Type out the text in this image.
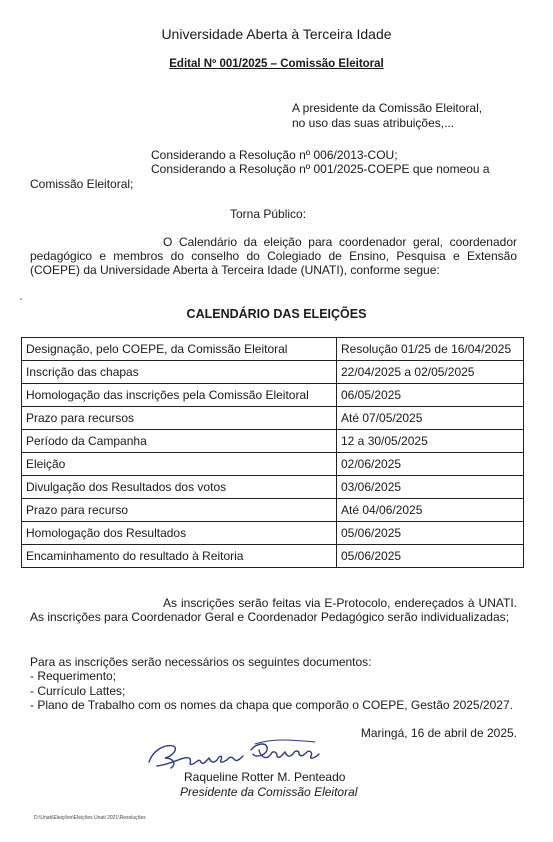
Universidade Aberta à Terceira Idade
Edital Nº 001/2025 – Comissão Eleitoral
A presidente da Comissão Eleitoral,
no uso das suas atribuições,...
Considerando a Resolução nº 006/2013-COU;
Considerando a Resolução nº 001/2025-COEPE que nomeou a
Comissão Eleitoral;
Torna Público:
O Calendário da eleição para coordenador geral, coordenador pedagógico e membros do conselho do Colegiado de Ensino, Pesquisa e Extensão (COEPE) da Universidade Aberta à Terceira Idade (UNATI), conforme segue:
CALENDÁRIO DAS ELEIÇÕES
Designação, pelo COEPE, da Comissão Eleitoral	Resolução 01/25 de 16/04/2025
Inscrição das chapas	22/04/2025 a 02/05/2025
Homologação das inscrições pela Comissão Eleitoral	06/05/2025
Prazo para recursos	Até 07/05/2025
Período da Campanha	12 a 30/05/2025
Eleição	02/06/2025
Divulgação dos Resultados dos votos	03/06/2025
Prazo para recurso	Até 04/06/2025
Homologação dos Resultados	05/06/2025
Encaminhamento do resultado à Reitoria	05/06/2025
As inscrições serão feitas via E-Protocolo, endereçados à UNATI. As inscrições para Coordenador Geral e Coordenador Pedagógico serão individualizadas;
Para as inscrições serão necessários os seguintes documentos:
- Requerimento;
- Currículo Lattes;
- Plano de Trabalho com os nomes da chapa que comporão o COEPE, Gestão 2025/2027.
Maringá, 16 de abril de 2025.
Raqueline Rotter M. Penteado
Presidente da Comissão Eleitoral
D:\Unati\Eleições\Eleições Unati 2021\Resoluções
